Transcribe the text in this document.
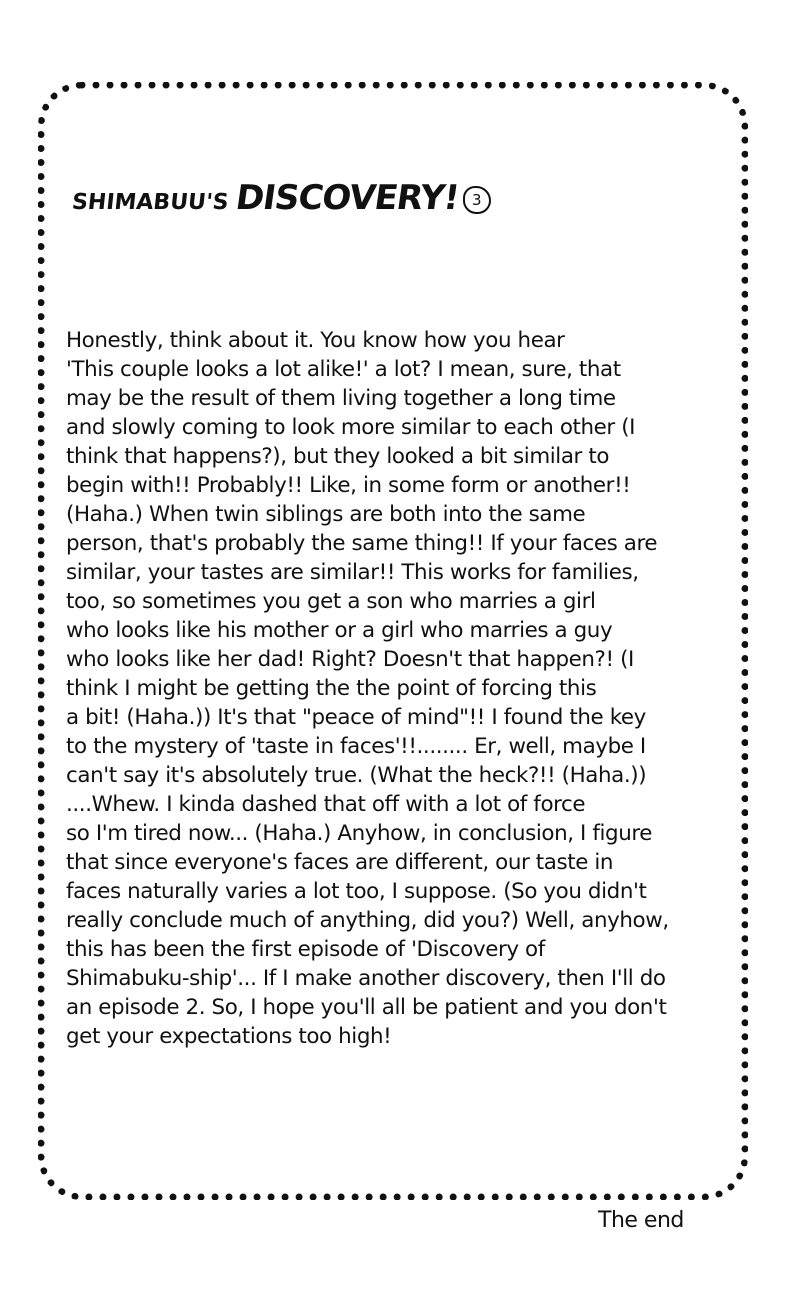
SHIMABUU'S DISCOVERY! 3
Honestly, think about it. You know how you hear
'This couple looks a lot alike!' a lot? I mean, sure, that
may be the result of them living together a long time
and slowly coming to look more similar to each other (I
think that happens?), but they looked a bit similar to
begin with!! Probably!! Like, in some form or another!!
(Haha.) When twin siblings are both into the same
person, that's probably the same thing!! If your faces are
similar, your tastes are similar!! This works for families,
too, so sometimes you get a son who marries a girl
who looks like his mother or a girl who marries a guy
who looks like her dad! Right? Doesn't that happen?! (I
think I might be getting the the point of forcing this
a bit! (Haha.)) It's that "peace of mind"!! I found the key
to the mystery of 'taste in faces'!!........ Er, well, maybe I
can't say it's absolutely true. (What the heck?!! (Haha.))
....Whew. I kinda dashed that off with a lot of force
so I'm tired now... (Haha.) Anyhow, in conclusion, I figure
that since everyone's faces are different, our taste in
faces naturally varies a lot too, I suppose. (So you didn't
really conclude much of anything, did you?) Well, anyhow,
this has been the first episode of 'Discovery of
Shimabuku-ship'... If I make another discovery, then I'll do
an episode 2. So, I hope you'll all be patient and you don't
get your expectations too high!
The end
